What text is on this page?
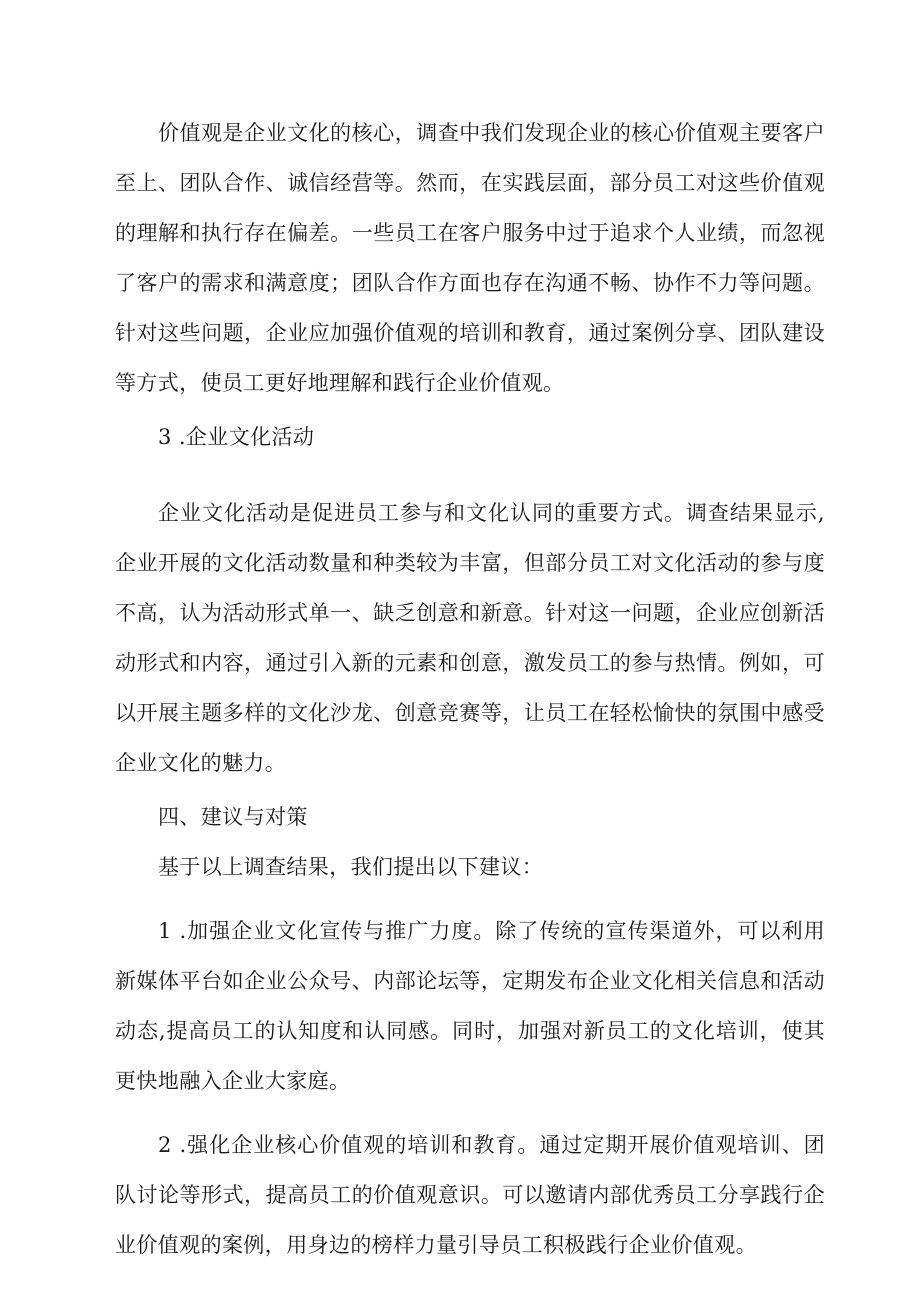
价值观是企业文化的核心，调查中我们发现企业的核心价值观主要客户至上、团队合作、诚信经营等。然而，在实践层面，部分员工对这些价值观的理解和执行存在偏差。一些员工在客户服务中过于追求个人业绩，而忽视了客户的需求和满意度；团队合作方面也存在沟通不畅、协作不力等问题。针对这些问题，企业应加强价值观的培训和教育，通过案例分享、团队建设等方式，使员工更好地理解和践行企业价值观。

3 .企业文化活动

企业文化活动是促进员工参与和文化认同的重要方式。调查结果显示,企业开展的文化活动数量和种类较为丰富，但部分员工对文化活动的参与度不高，认为活动形式单一、缺乏创意和新意。针对这一问题，企业应创新活动形式和内容，通过引入新的元素和创意，激发员工的参与热情。例如，可以开展主题多样的文化沙龙、创意竞赛等，让员工在轻松愉快的氛围中感受企业文化的魅力。

四、建议与对策

基于以上调查结果，我们提出以下建议：

1 .加强企业文化宣传与推广力度。除了传统的宣传渠道外，可以利用新媒体平台如企业公众号、内部论坛等，定期发布企业文化相关信息和活动动态,提高员工的认知度和认同感。同时，加强对新员工的文化培训，使其更快地融入企业大家庭。

2 .强化企业核心价值观的培训和教育。通过定期开展价值观培训、团队讨论等形式，提高员工的价值观意识。可以邀请内部优秀员工分享践行企业价值观的案例，用身边的榜样力量引导员工积极践行企业价值观。
